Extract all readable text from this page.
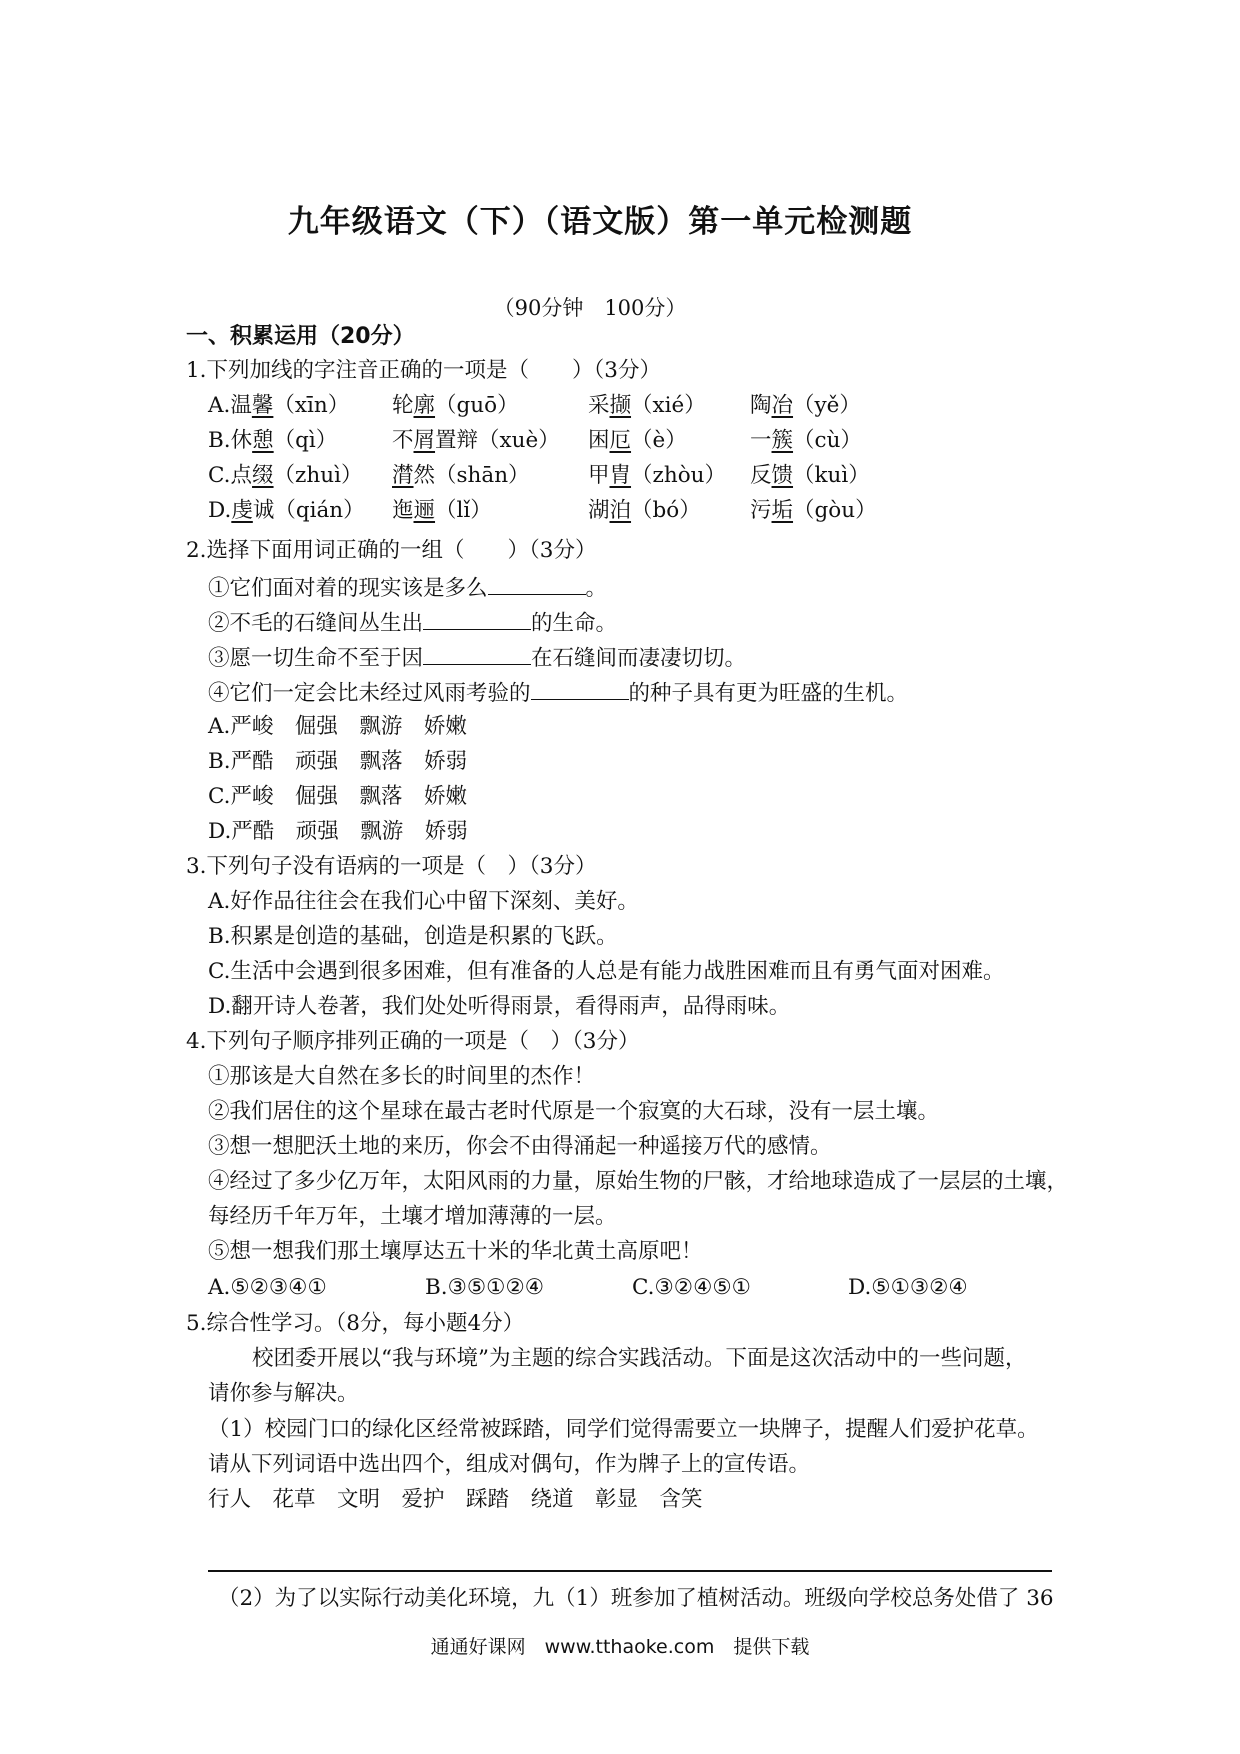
九年级语文（下）（语文版）第一单元检测题
（90分钟　100分）
一、积累运用（20分）
1.下列加线的字注音正确的一项是（　　）（3分）
A.温馨（xīn） 轮廓（guō）	采撷（xié） 陶冶（yě）
B.休憩（qì）	不屑置辩（xuè） 困厄（è）	一簇（cù）
C.点缀（zhuì） 潸然（shān）	甲胄（zhòu） 反馈（kuì）
D.虔诚（qián） 迤逦（lǐ）	湖泊（bó） 污垢（gòu）
2.选择下面用词正确的一组（　　）（3分）
①它们面对着的现实该是多么	。
②不毛的石缝间丛生出	的生命。
③愿一切生命不至于因	在石缝间而凄凄切切。
④它们一定会比未经过风雨考验的	的种子具有更为旺盛的生机。
A.严峻　倔强　飘游　娇嫩
B.严酷　顽强　飘落　娇弱
C.严峻　倔强　飘落　娇嫩
D.严酷　顽强　飘游　娇弱
3.下列句子没有语病的一项是（　）（3分）
A.好作品往往会在我们心中留下深刻、美好。
B.积累是创造的基础，创造是积累的飞跃。
C.生活中会遇到很多困难，但有准备的人总是有能力战胜困难而且有勇气面对困难。
D.翻开诗人卷著，我们处处听得雨景，看得雨声，品得雨味。
4.下列句子顺序排列正确的一项是（　）（3分）
①那该是大自然在多长的时间里的杰作！
②我们居住的这个星球在最古老时代原是一个寂寞的大石球，没有一层土壤。
③想一想肥沃土地的来历，你会不由得涌起一种遥接万代的感情。
④经过了多少亿万年，太阳风雨的力量，原始生物的尸骸，才给地球造成了一层层的土壤，
每经历千年万年，土壤才增加薄薄的一层。
⑤想一想我们那土壤厚达五十米的华北黄土高原吧！
A.⑤②③④①	B.③⑤①②④	C.③②④⑤①	D.⑤①③②④
5.综合性学习。（8分，每小题4分）
校团委开展以“我与环境”为主题的综合实践活动。下面是这次活动中的一些问题，
请你参与解决。
（1）校园门口的绿化区经常被踩踏，同学们觉得需要立一块牌子，提醒人们爱护花草。
请从下列词语中选出四个，组成对偶句，作为牌子上的宣传语。
行人　花草　文明　爱护　踩踏　绕道　彰显　含笑
（2）为了以实际行动美化环境，九（1）班参加了植树活动。班级向学校总务处借了 36
通通好课网　www.tthaoke.com　提供下载
